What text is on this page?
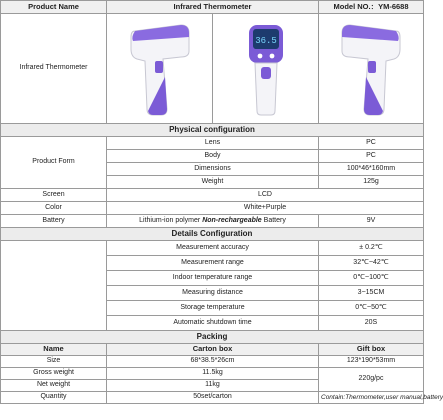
Product Name	Infrared Thermometer		Model NO.：YM-6688
Infrared Thermometer		36.5

Physical configuration			
Product Form	Lens		PC
	Body		PC
	Dimensions		100*46*160mm
	Weight		125g
Screen	LCD		
Color	White+Purple		
Battery	Lithium-ion polymer Non-rechargeable Battery		9V
Details Configuration			
	Measurement accuracy		± 0.2℃
	Measurement range		32℃~42℃
	Indoor temperature range		0℃~100℃
	Measuring distance		3~15CM
	Storage temperature		0℃~50℃
	Automatic shutdown time		20S
Packing			
Name	Carton box		Gift box
Size	68*38.5*26cm		123*190*53mm
Gross weight	11.5kg		220g/pc
Net weight	11kg		
Quantity	50set/carton		Contain:Thermometer,user manual,battery
